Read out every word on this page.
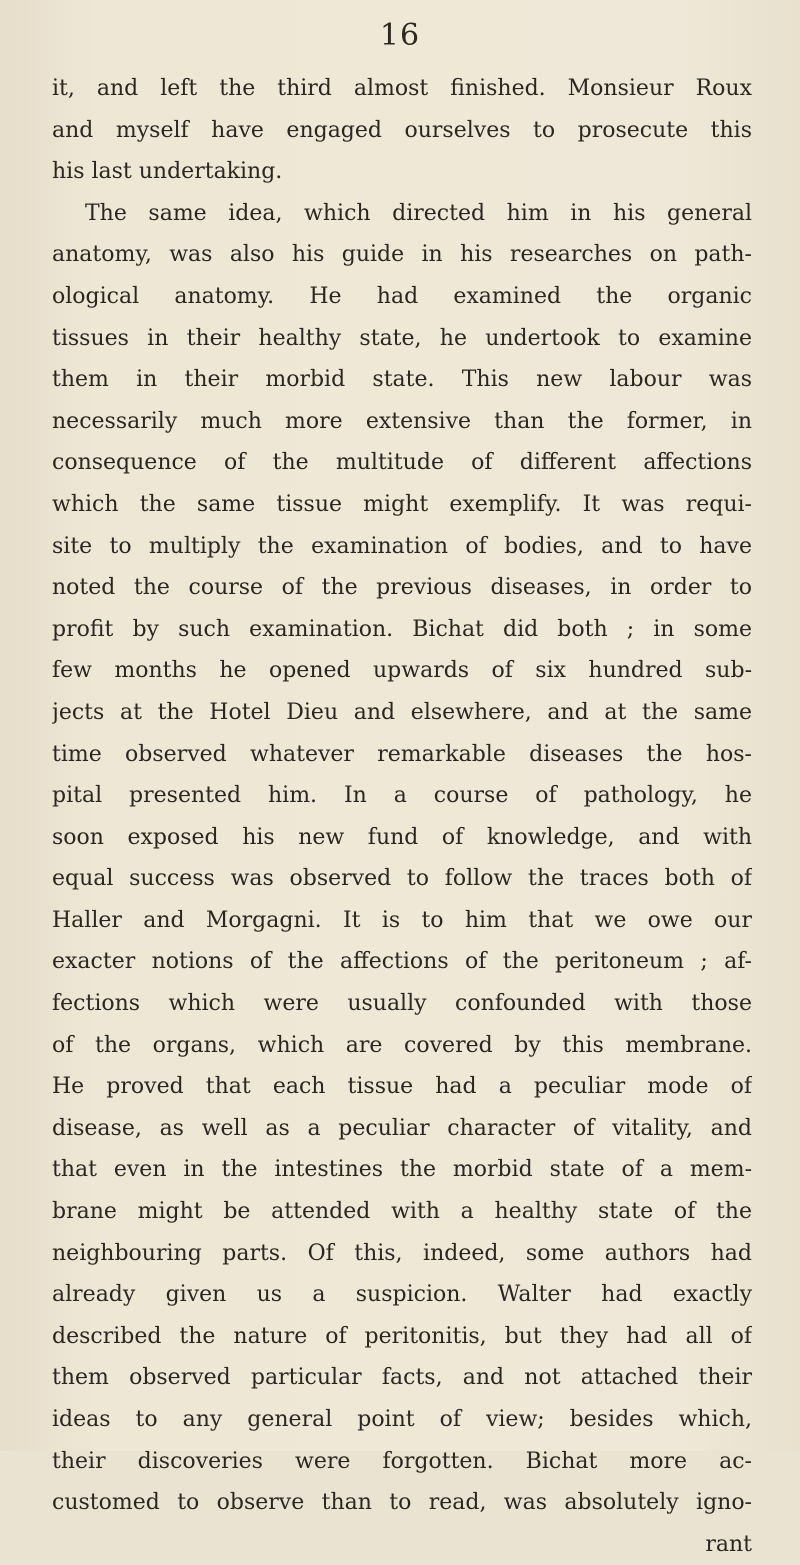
16
it, and left the third almost finished. Monsieur Roux
and myself have engaged ourselves to prosecute this
his last undertaking.
The same idea, which directed him in his general
anatomy, was also his guide in his researches on path-
ological anatomy. He had examined the organic
tissues in their healthy state, he undertook to examine
them in their morbid state. This new labour was
necessarily much more extensive than the former, in
consequence of the multitude of different affections
which the same tissue might exemplify. It was requi-
site to multiply the examination of bodies, and to have
noted the course of the previous diseases, in order to
profit by such examination. Bichat did both ; in some
few months he opened upwards of six hundred sub-
jects at the Hotel Dieu and elsewhere, and at the same
time observed whatever remarkable diseases the hos-
pital presented him. In a course of pathology, he
soon exposed his new fund of knowledge, and with
equal success was observed to follow the traces both of
Haller and Morgagni. It is to him that we owe our
exacter notions of the affections of the peritoneum ; af-
fections which were usually confounded with those
of the organs, which are covered by this membrane.
He proved that each tissue had a peculiar mode of
disease, as well as a peculiar character of vitality, and
that even in the intestines the morbid state of a mem-
brane might be attended with a healthy state of the
neighbouring parts. Of this, indeed, some authors had
already given us a suspicion. Walter had exactly
described the nature of peritonitis, but they had all of
them observed particular facts, and not attached their
ideas to any general point of view; besides which,
their discoveries were forgotten. Bichat more ac-
customed to observe than to read, was absolutely igno-
rant
